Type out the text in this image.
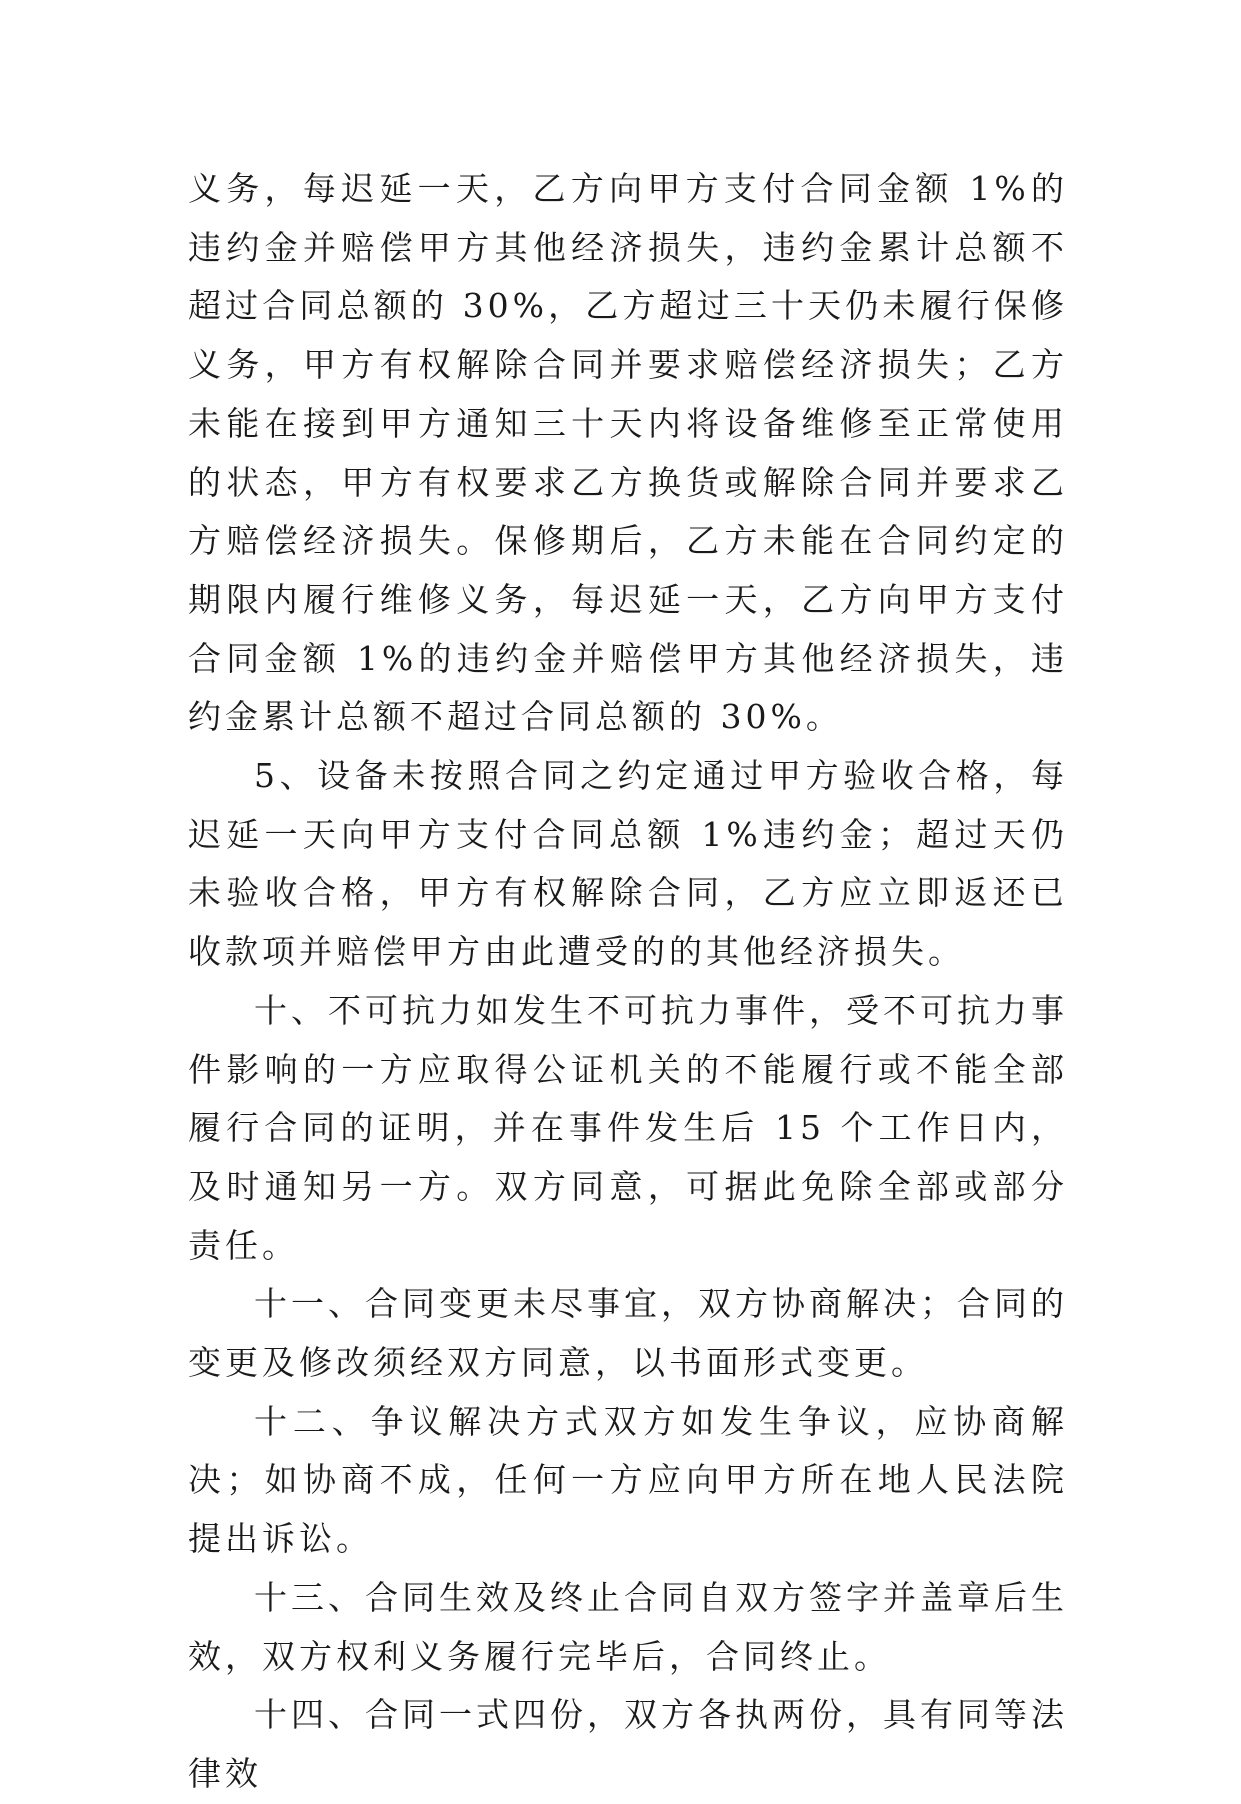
义务，每迟延一天，乙方向甲方支付合同金额 1%的违约金并赔偿甲方其他经济损失，违约金累计总额不超过合同总额的 30%，乙方超过三十天仍未履行保修义务，甲方有权解除合同并要求赔偿经济损失；乙方未能在接到甲方通知三十天内将设备维修至正常使用的状态，甲方有权要求乙方换货或解除合同并要求乙方赔偿经济损失。保修期后，乙方未能在合同约定的期限内履行维修义务，每迟延一天，乙方向甲方支付合同金额 1%的违约金并赔偿甲方其他经济损失，违约金累计总额不超过合同总额的 30%。

5、设备未按照合同之约定通过甲方验收合格，每迟延一天向甲方支付合同总额 1%违约金；超过天仍未验收合格，甲方有权解除合同，乙方应立即返还已收款项并赔偿甲方由此遭受的的其他经济损失。

十、不可抗力如发生不可抗力事件，受不可抗力事件影响的一方应取得公证机关的不能履行或不能全部履行合同的证明，并在事件发生后 15 个工作日内，及时通知另一方。双方同意，可据此免除全部或部分责任。

十一、合同变更未尽事宜，双方协商解决；合同的变更及修改须经双方同意，以书面形式变更。

十二、争议解决方式双方如发生争议，应协商解决；如协商不成，任何一方应向甲方所在地人民法院提出诉讼。

十三、合同生效及终止合同自双方签字并盖章后生效，双方权利义务履行完毕后，合同终止。

十四、合同一式四份，双方各执两份，具有同等法律效
